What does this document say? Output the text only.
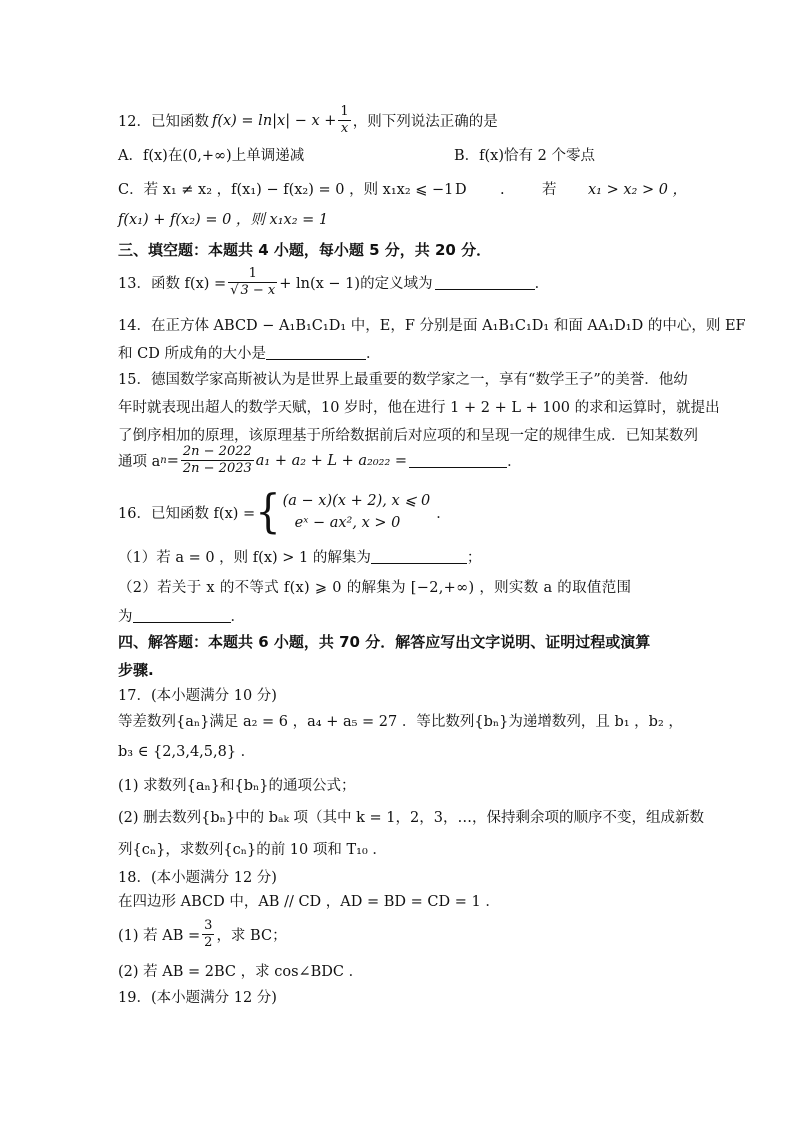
12．已知函数 $f(x) = \ln|x| - x + \frac{1}{x}$ ，则下列说法正确的是
A．f(x)在(0,+∞)上单调递减	B．f(x)恰有 2 个零点
C．若 x₁ ≠ x₂ ，f(x₁) − f(x₂) = 0 ，则 x₁x₂ ⩽ −1 D .	若 x₁ > x₂ > 0 ，
f(x₁) + f(x₂) = 0 ，则 x₁x₂ = 1
三、填空题：本题共 4 小题，每小题 5 分，共 20 分．
13．函数 $f(x) = \frac{1}{√ 3 - x} + \ln(x - 1)$的定义域为	．
14．在正方体 ABCD − A₁B₁C₁D₁ 中，E，F 分别是面 A₁B₁C₁D₁ 和面 AA₁D₁D 的中心，则 EF
和 CD 所成角的大小是	．
15．德国数学家高斯被认为是世界上最重要的数学家之一，享有“数学王子”的美誉．他幼
年时就表现出超人的数学天赋，10 岁时，他在进行 1 + 2 + L + 100 的求和运算时，就提出
了倒序相加的原理，该原理基于所给数据前后对应项的和呈现一定的规律生成．已知某数列
通项 a $n = \frac{2n - 2022}{2n - 2023} a_1 + a_2 + L + a_{2022}$ =	．
16．已知函数 f(x) = { (a − x)(x + 2), x ⩽ 0
eˣ − ax², x > 0
．
（1）若 a = 0 ，则 f(x) > 1 的解集为	；
（2）若关于 x 的不等式 f(x) ⩾ 0 的解集为 [−2,+∞) ，则实数 a 的取值范围
为	．
四、解答题：本题共 6 小题，共 70 分．解答应写出文字说明、证明过程或演算
步骤.
17．(本小题满分 10 分)
等差数列{aₙ}满足 a₂ = 6 ，a₄ + a₅ = 27 ．等比数列{bₙ}为递增数列，且 b₁ ，b₂ ，
b₃ ∈ {2,3,4,5,8} ．
(1) 求数列{aₙ}和{bₙ}的通项公式；
(2) 删去数列{bₙ}中的 bₐₖ 项（其中 k = 1，2，3，…，保持剩余项的顺序不变，组成新数
列{cₙ}，求数列{cₙ}的前 10 项和 T₁₀ ．
18．(本小题满分 12 分)
在四边形 ABCD 中，AB // CD ，AD = BD = CD = 1 ．
(1) 若 AB = $\frac{3}{2}$ ，求 BC；
(2) 若 AB = 2BC ，求 cos∠BDC ．
19．(本小题满分 12 分)
